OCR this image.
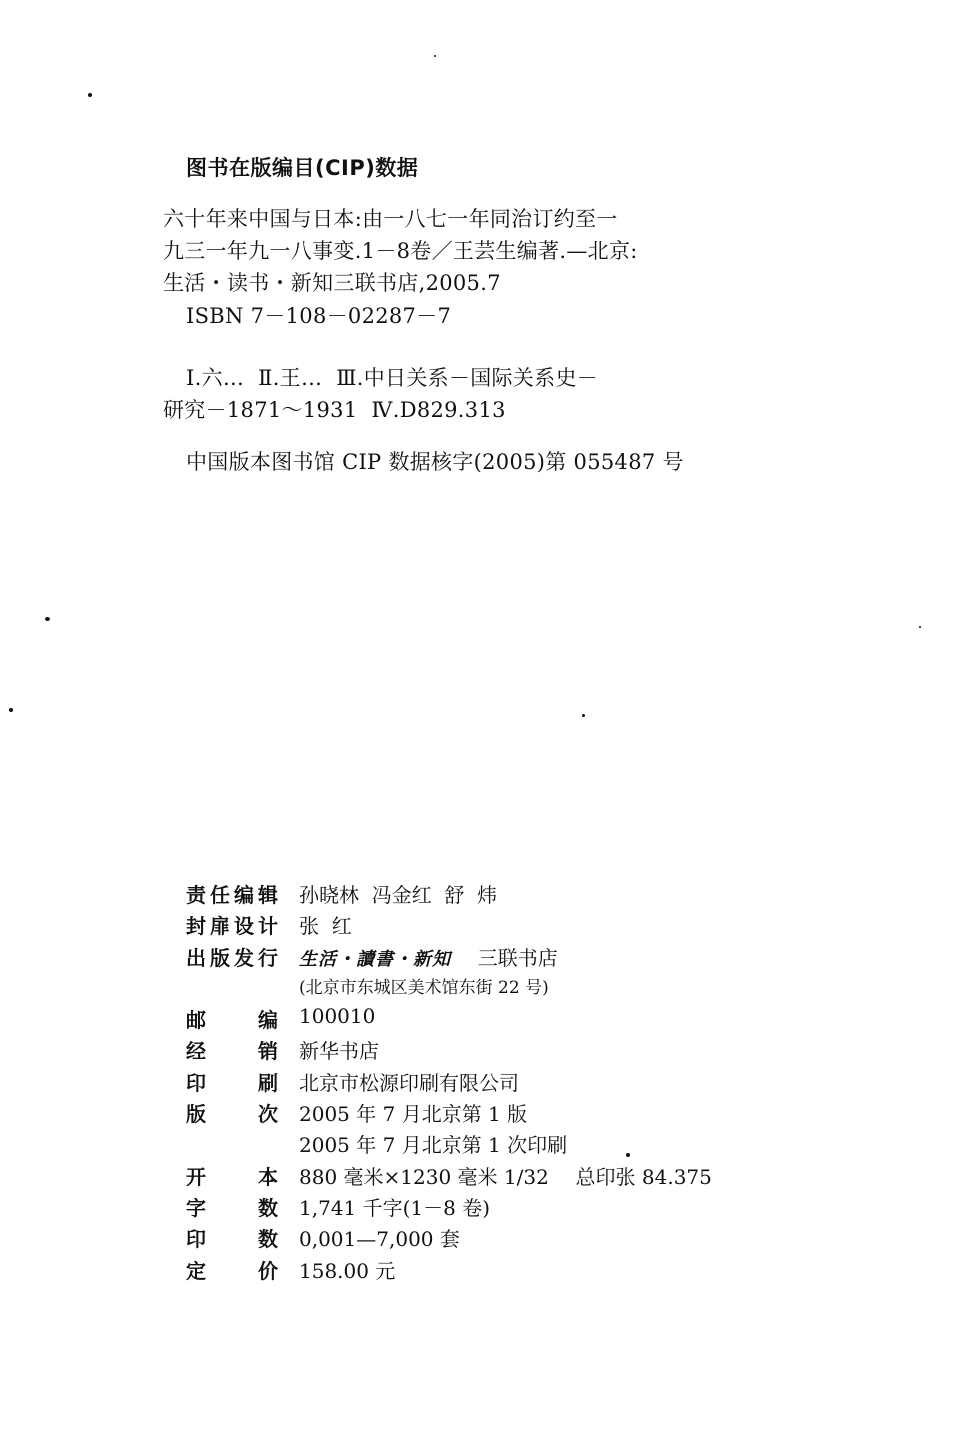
图书在版编目(CIP)数据
六十年来中国与日本:由一八七一年同治订约至一
九三一年九一八事变.1－8卷／王芸生编著.—北京:
生活・读书・新知三联书店,2005.7
ISBN 7－108－02287－7
Ⅰ.六…  Ⅱ.王…  Ⅲ.中日关系－国际关系史－
研究－1871～1931  Ⅳ.D829.313
中国版本图书馆 CIP 数据核字(2005)第 055487 号
责 任 编 辑 孙晓林  冯金红  舒  炜
封 扉 设 计 张  红
出 版 发 行 生活・讀書・新知 三联书店
(北京市东城区美术馆东街 22 号)
邮	编 100010
经	销 新华书店
印	刷 北京市松源印刷有限公司
版	次 2005 年 7 月北京第 1 版
2005 年 7 月北京第 1 次印刷
开	本 880 毫米×1230 毫米 1/32 总印张 84.375
字	数 1,741 千字(1－8 卷)
印	数 0,001—7,000 套
定	价 158.00 元
